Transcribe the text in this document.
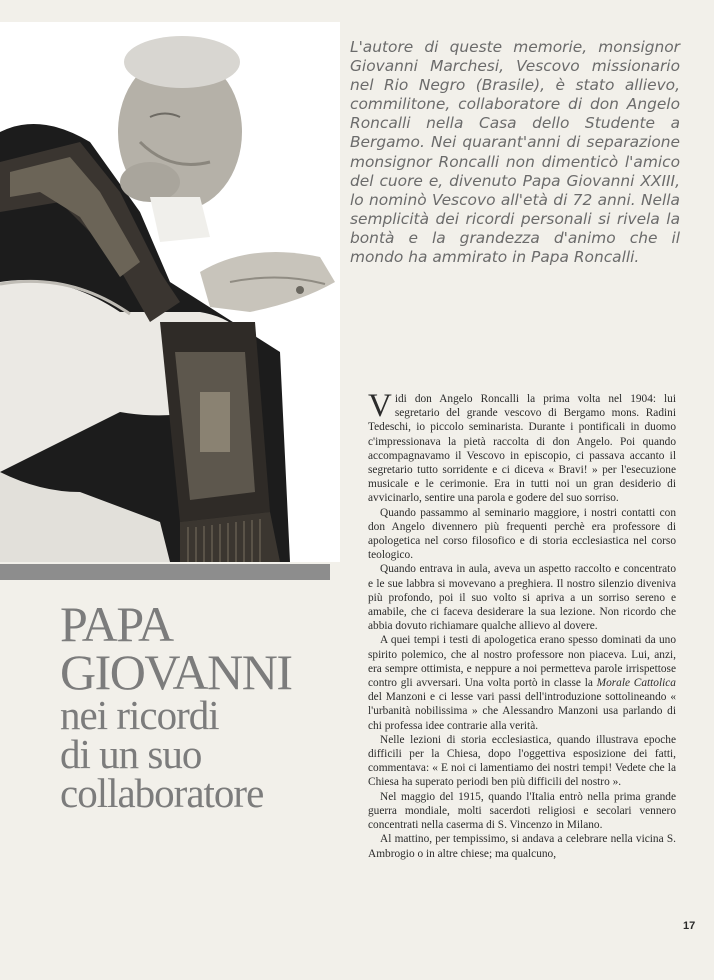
L'autore di queste memorie, monsignor Giovanni Marchesi, Vescovo missionario nel Rio Negro (Brasile), è stato allievo, commilitone, collaboratore di don Angelo Roncalli nella Casa dello Studente a Bergamo. Nei quarant'anni di separazione monsignor Roncalli non dimenticò l'amico del cuore e, divenuto Papa Giovanni XXIII, lo nominò Vescovo all'età di 72 anni. Nella semplicità dei ricordi personali si rivela la bontà e la grandezza d'animo che il mondo ha ammirato in Papa Roncalli.

PAPA
GIOVANNI
nei ricordi
di un suo
collaboratore

Vidi don Angelo Roncalli la prima volta nel 1904: lui segretario del grande vescovo di Bergamo mons. Radini Tedeschi, io piccolo seminarista. Durante i pontificali in duomo c'impressionava la pietà raccolta di don Angelo. Poi quando accompagnavamo il Vescovo in episcopio, ci passava accanto il segretario tutto sorridente e ci diceva « Bravi! » per l'esecuzione musicale e le cerimonie. Era in tutti noi un gran desiderio di avvicinarlo, sentire una parola e godere del suo sorriso.

Quando passammo al seminario maggiore, i nostri contatti con don Angelo divennero più frequenti perchè era professore di apologetica nel corso filosofico e di storia ecclesiastica nel corso teologico.

Quando entrava in aula, aveva un aspetto raccolto e concentrato e le sue labbra si movevano a preghiera. Il nostro silenzio diveniva più profondo, poi il suo volto si apriva a un sorriso sereno e amabile, che ci faceva desiderare la sua lezione. Non ricordo che abbia dovuto richiamare qualche allievo al dovere.

A quei tempi i testi di apologetica erano spesso dominati da uno spirito polemico, che al nostro professore non piaceva. Lui, anzi, era sempre ottimista, e neppure a noi permetteva parole irrispettose contro gli avversari. Una volta portò in classe la Morale Cattolica del Manzoni e ci lesse vari passi dell'introduzione sottolineando « l'urbanità nobilissima » che Alessandro Manzoni usa parlando di chi professa idee contrarie alla verità.

Nelle lezioni di storia ecclesiastica, quando illustrava epoche difficili per la Chiesa, dopo l'oggettiva esposizione dei fatti, commentava: « E noi ci lamentiamo dei nostri tempi! Vedete che la Chiesa ha superato periodi ben più difficili del nostro ».

Nel maggio del 1915, quando l'Italia entrò nella prima grande guerra mondiale, molti sacerdoti religiosi e secolari vennero concentrati nella caserma di S. Vincenzo in Milano.

Al mattino, per tempissimo, si andava a celebrare nella vicina S. Ambrogio o in altre chiese; ma qualcuno,

17
